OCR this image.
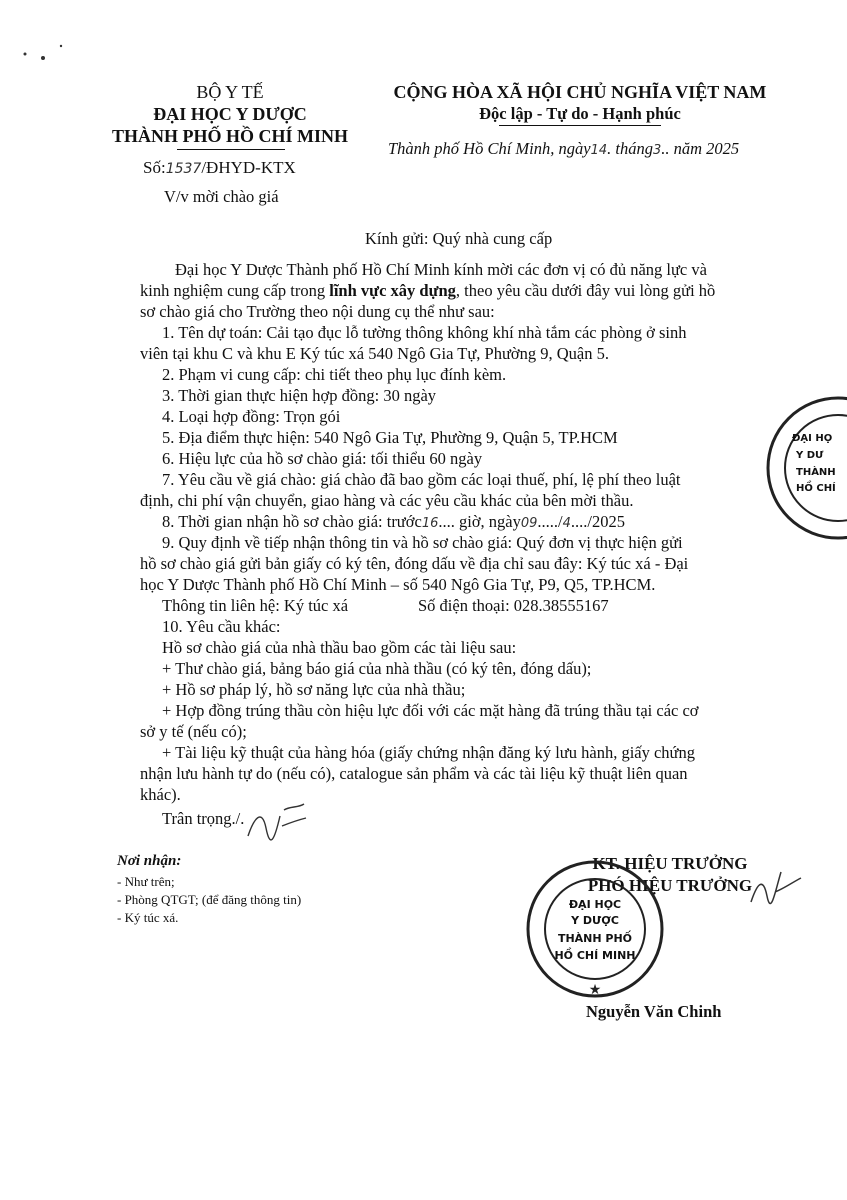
BỘ Y TẾ
ĐẠI HỌC Y DƯỢC
THÀNH PHỐ HỒ CHÍ MINH
Số:1537/ĐHYD-KTX
V/v mời chào giá
CỘNG HÒA XÃ HỘI CHỦ NGHĨA VIỆT NAM
Độc lập - Tự do - Hạnh phúc
Thành phố Hồ Chí Minh, ngày14. tháng3.. năm 2025
Kính gửi: Quý nhà cung cấp
Đại học Y Dược Thành phố Hồ Chí Minh kính mời các đơn vị có đủ năng lực và
kinh nghiệm cung cấp trong lĩnh vực xây dựng, theo yêu cầu dưới đây vui lòng gửi hồ
sơ chào giá cho Trường theo nội dung cụ thể như sau:
1. Tên dự toán: Cải tạo đục lỗ tường thông không khí nhà tắm các phòng ở sinh
viên tại khu C và khu E Ký túc xá 540 Ngô Gia Tự, Phường 9, Quận 5.
2. Phạm vi cung cấp: chi tiết theo phụ lục đính kèm.
3. Thời gian thực hiện hợp đồng: 30 ngày
4. Loại hợp đồng: Trọn gói
5. Địa điểm thực hiện: 540 Ngô Gia Tự, Phường 9, Quận 5, TP.HCM
6. Hiệu lực của hồ sơ chào giá: tối thiểu 60 ngày
7. Yêu cầu về giá chào: giá chào đã bao gồm các loại thuế, phí, lệ phí theo luật
định, chi phí vận chuyển, giao hàng và các yêu cầu khác của bên mời thầu.
8. Thời gian nhận hồ sơ chào giá: trước16.... giờ, ngày09...../4..../2025
9. Quy định về tiếp nhận thông tin và hồ sơ chào giá: Quý đơn vị thực hiện gửi
hồ sơ chào giá gửi bản giấy có ký tên, đóng dấu về địa chỉ sau đây: Ký túc xá - Đại
học Y Dược Thành phố Hồ Chí Minh – số 540 Ngô Gia Tự, P9, Q5, TP.HCM.
Thông tin liên hệ: Ký túc xá	Số điện thoại: 028.38555167
10. Yêu cầu khác:
Hồ sơ chào giá của nhà thầu bao gồm các tài liệu sau:
+ Thư chào giá, bảng báo giá của nhà thầu (có ký tên, đóng dấu);
+ Hồ sơ pháp lý, hồ sơ năng lực của nhà thầu;
+ Hợp đồng trúng thầu còn hiệu lực đối với các mặt hàng đã trúng thầu tại các cơ
sở y tế (nếu có);
+ Tài liệu kỹ thuật của hàng hóa (giấy chứng nhận đăng ký lưu hành, giấy chứng
nhận lưu hành tự do (nếu có), catalogue sản phẩm và các tài liệu kỹ thuật liên quan
khác).
Trân trọng./.
Nơi nhận:
- Như trên;
- Phòng QTGT; (để đăng thông tin)
- Ký túc xá.
KT. HIỆU TRƯỞNG
PHÓ HIỆU TRƯỞNG
★
ĐẠI HỌC
Y DƯỢC
THÀNH PHỐ
HỒ CHÍ MINH
Nguyễn Văn Chinh
ĐẠI HỌ
Y DƯ
THÀNH
HỒ CHÍ
